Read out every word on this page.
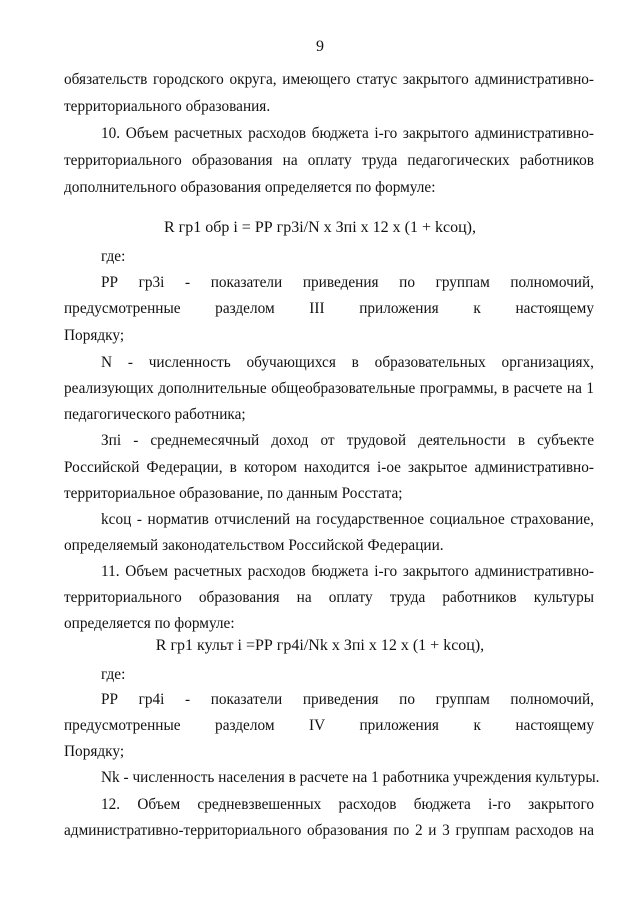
9
обязательств городского округа, имеющего статус закрытого административно-
территориального образования.
10. Объем расчетных расходов бюджета i-го закрытого административно-
территориального образования на оплату труда педагогических работников
дополнительного образования определяется по формуле:
R гр1 обр i = РР гр3i/N x Зпi x 12 x (1 + kсоц),
где:
РР гр3i - показатели приведения по группам полномочий,
предусмотренные разделом III приложения к настоящему
Порядку;
N - численность обучающихся в образовательных организациях,
реализующих дополнительные общеобразовательные программы, в расчете на 1
педагогического работника;
Зпi - среднемесячный доход от трудовой деятельности в субъекте
Российской Федерации, в котором находится i-ое закрытое административно-
территориальное образование, по данным Росстата;
kсоц - норматив отчислений на государственное социальное страхование,
определяемый законодательством Российской Федерации.
11. Объем расчетных расходов бюджета i-го закрытого административно-
территориального образования на оплату труда работников культуры
определяется по формуле:
R гр1 культ i =РР гр4i/Nk x Зпi x 12 x (1 + kсоц),
где:
РР гр4i - показатели приведения по группам полномочий,
предусмотренные разделом IV приложения к настоящему
Порядку;
Nk - численность населения в расчете на 1 работника учреждения культуры.
12. Объем средневзвешенных расходов бюджета i-го закрытого
административно-территориального образования по 2 и 3 группам расходов на
